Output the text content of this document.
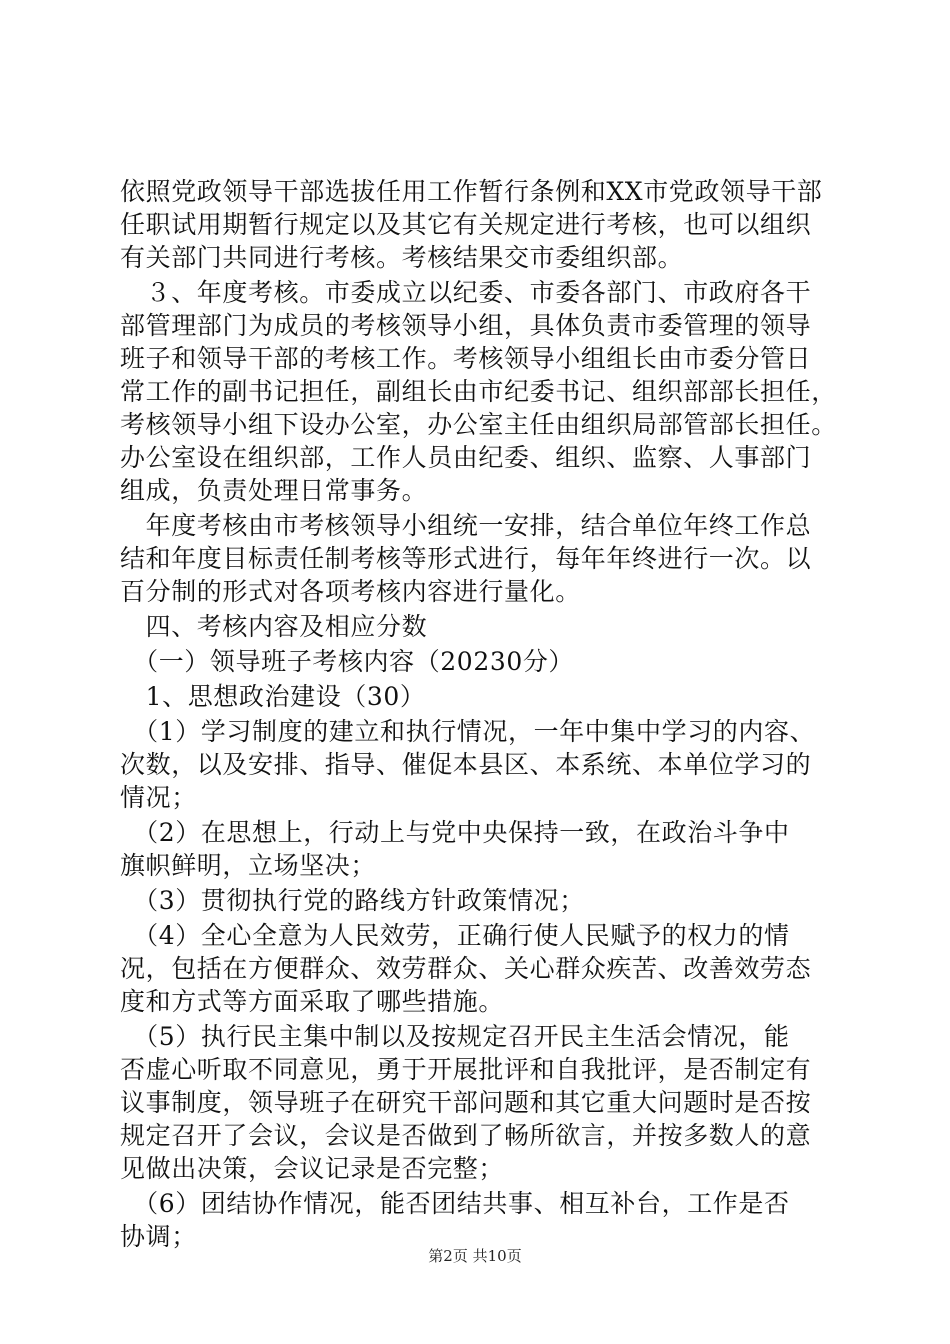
依照党政领导干部选拔任用工作暂行条例和XX市党政领导干部
任职试用期暂行规定以及其它有关规定进行考核，也可以组织
有关部门共同进行考核。考核结果交市委组织部。
　３、年度考核。市委成立以纪委、市委各部门、市政府各干
部管理部门为成员的考核领导小组，具体负责市委管理的领导
班子和领导干部的考核工作。考核领导小组组长由市委分管日
常工作的副书记担任，副组长由市纪委书记、组织部部长担任，
考核领导小组下设办公室，办公室主任由组织局部管部长担任。
办公室设在组织部，工作人员由纪委、组织、监察、人事部门
组成，负责处理日常事务。
　年度考核由市考核领导小组统一安排，结合单位年终工作总
结和年度目标责任制考核等形式进行，每年年终进行一次。以
百分制的形式对各项考核内容进行量化。
　四、考核内容及相应分数
　（一）领导班子考核内容（20230分）
　1、思想政治建设（30）
　（1）学习制度的建立和执行情况，一年中集中学习的内容、
次数，以及安排、指导、催促本县区、本系统、本单位学习的
情况；
　（2）在思想上，行动上与党中央保持一致，在政治斗争中
旗帜鲜明，立场坚决；
　（3）贯彻执行党的路线方针政策情况；
　（4）全心全意为人民效劳，正确行使人民赋予的权力的情
况，包括在方便群众、效劳群众、关心群众疾苦、改善效劳态
度和方式等方面采取了哪些措施。
　（5）执行民主集中制以及按规定召开民主生活会情况，能
否虚心听取不同意见，勇于开展批评和自我批评，是否制定有
议事制度，领导班子在研究干部问题和其它重大问题时是否按
规定召开了会议，会议是否做到了畅所欲言，并按多数人的意
见做出决策，会议记录是否完整；
　（6）团结协作情况，能否团结共事、相互补台，工作是否
协调；
第2页 共10页
